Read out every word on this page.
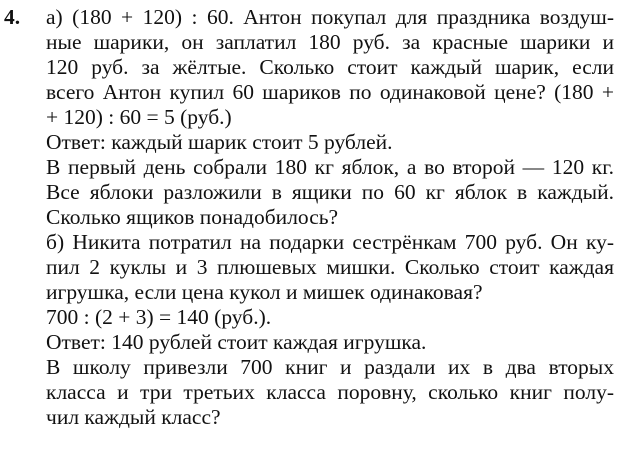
4. а) (180 + 120) : 60. Антон покупал для праздника воздуш-
ные шарики, он заплатил 180 руб. за красные шарики и
120 руб. за жёлтые. Сколько стоит каждый шарик, если
всего Антон купил 60 шариков по одинаковой цене? (180 +
+ 120) : 60 = 5 (руб.)
Ответ: каждый шарик стоит 5 рублей.
В первый день собрали 180 кг яблок, а во второй — 120 кг.
Все яблоки разложили в ящики по 60 кг яблок в каждый.
Сколько ящиков понадобилось?
б) Никита потратил на подарки сестрёнкам 700 руб. Он ку-
пил 2 куклы и 3 плюшевых мишки. Сколько стоит каждая
игрушка, если цена кукол и мишек одинаковая?
700 : (2 + 3) = 140 (руб.).
Ответ: 140 рублей стоит каждая игрушка.
В школу привезли 700 книг и раздали их в два вторых
класса и три третьих класса поровну, сколько книг полу-
чил каждый класс?
